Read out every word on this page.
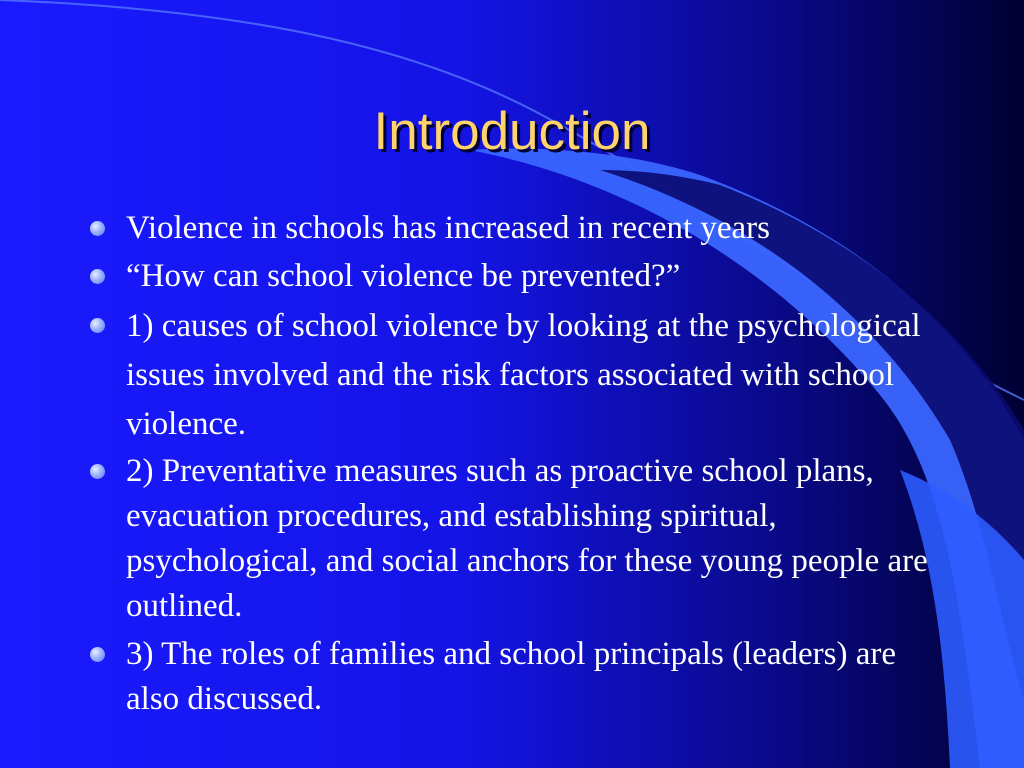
Introduction
Violence in schools has increased in recent years
“How can school violence be prevented?”
1) causes of school violence by looking at the psychological issues involved and the risk factors associated with school violence.
2) Preventative measures such as proactive school plans, evacuation procedures, and establishing spiritual, psychological, and social anchors for these young people are outlined.
3) The roles of families and school principals (leaders) are also discussed.
